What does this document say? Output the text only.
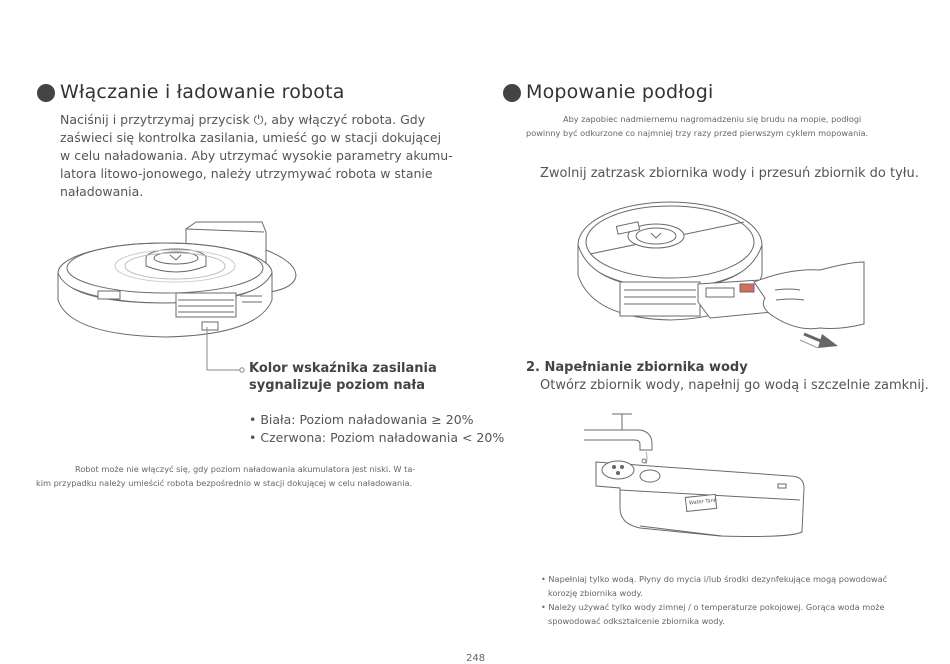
Włączanie i ładowanie robota
Naciśnij i przytrzymaj przycisk ⏻, aby włączyć robota. Gdy
zaświeci się kontrolka zasilania, umieść go w stacji dokującej
w celu naładowania. Aby utrzymać wysokie parametry akumu-
latora litowo-jonowego, należy utrzymywać robota w stanie
naładowania.
Kolor wskaźnika zasilania
sygnalizuje poziom nała
• Biała: Poziom naładowania ≥ 20%
• Czerwona: Poziom naładowania < 20%
Robot może nie włączyć się, gdy poziom naładowania akumulatora jest niski. W ta-
kim przypadku należy umieścić robota bezpośrednio w stacji dokującej w celu naładowania.
Mopowanie podłogi
Aby zapobiec nadmiernemu nagromadzeniu się brudu na mopie, podłogi
powinny być odkurzone co najmniej trzy razy przed pierwszym cyklem mopowania.
Zwolnij zatrzask zbiornika wody i przesuń zbiornik do tyłu.
2. Napełnianie zbiornika wody
Otwórz zbiornik wody, napełnij go wodą i szczelnie zamknij.
Water Tank
• Napełniaj tylko wodą. Płyny do mycia i/lub środki dezynfekujące mogą powodować
korozję zbiornika wody.
• Należy używać tylko wody zimnej / o temperaturze pokojowej. Gorąca woda może
spowodować odkształcenie zbiornika wody.
248
